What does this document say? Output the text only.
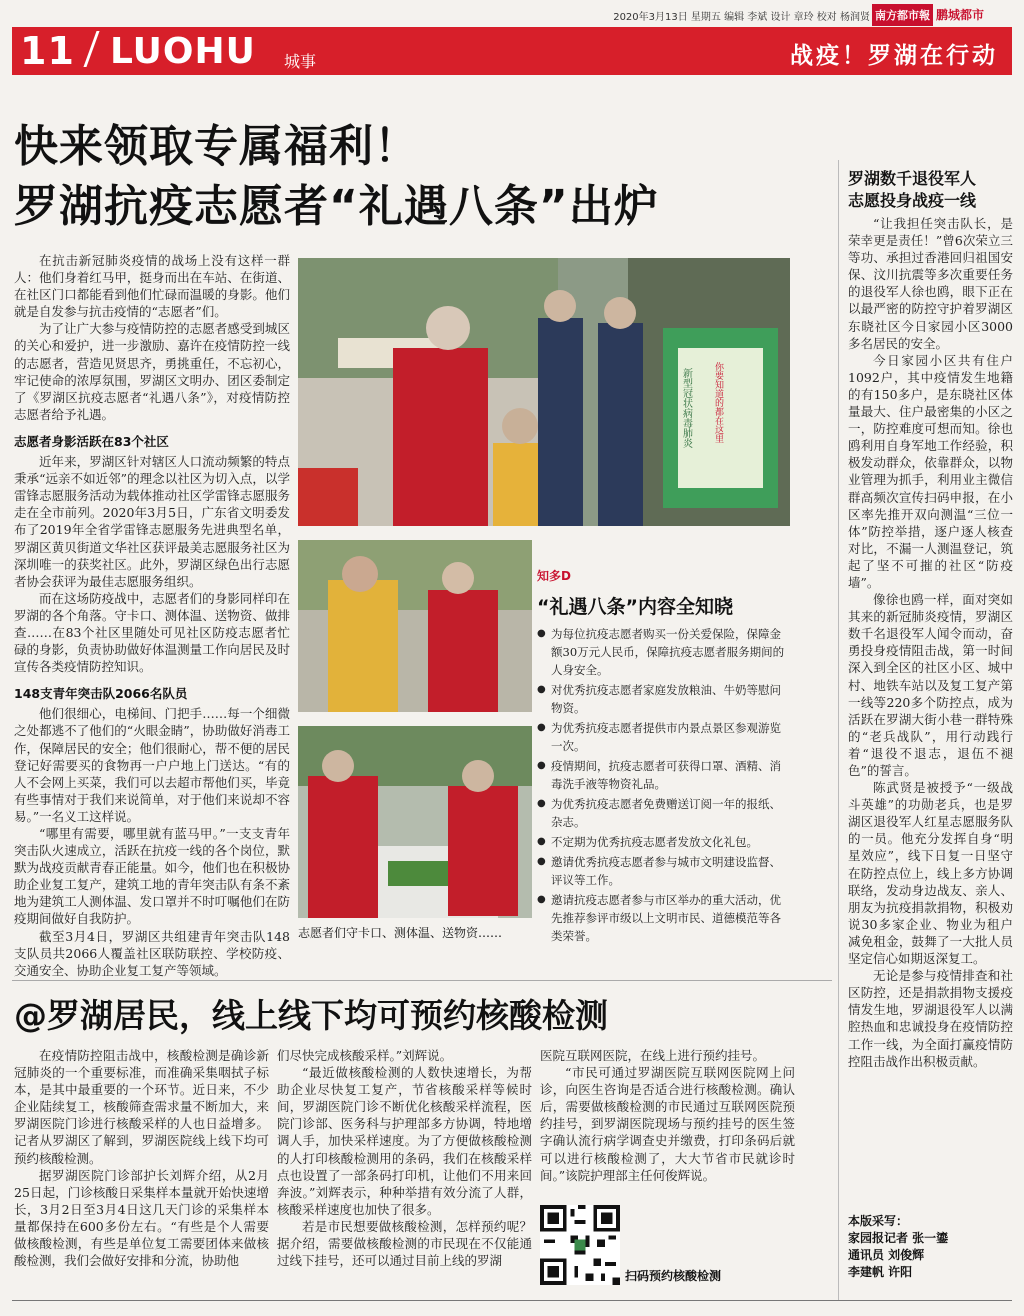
2020年3月13日 星期五 编辑 李斌 设计 章玲 校对 杨润贤 南方都市報 鹏城都市
11 LUOHU 城事	战疫！罗湖在行动
快来领取专属福利！
罗湖抗疫志愿者“礼遇八条”出炉

在抗击新冠肺炎疫情的战场上没有这样一群人：他们身着红马甲，挺身而出在车站、在街道、在社区门口都能看到他们忙碌而温暖的身影。他们就是自发参与抗击疫情的“志愿者”们。

为了让广大参与疫情防控的志愿者感受到城区的关心和爱护，进一步激励、嘉许在疫情防控一线的志愿者，营造见贤思齐，勇挑重任，不忘初心，牢记使命的浓厚氛围，罗湖区文明办、团区委制定了《罗湖区抗疫志愿者“礼遇八条”》，对疫情防控志愿者给予礼遇。

志愿者身影活跃在83个社区

近年来，罗湖区针对辖区人口流动频繁的特点秉承“远亲不如近邻”的理念以社区为切入点，以学雷锋志愿服务活动为载体推动社区学雷锋志愿服务走在全市前列。2020年3月5日，广东省文明委发布了2019年全省学雷锋志愿服务先进典型名单，罗湖区黄贝街道文华社区获评最美志愿服务社区为深圳唯一的获奖社区。此外，罗湖区绿色出行志愿者协会获评为最佳志愿服务组织。

而在这场防疫战中，志愿者们的身影同样印在罗湖的各个角落。守卡口、测体温、送物资、做排查……在83个社区里随处可见社区防疫志愿者忙碌的身影，负责协助做好体温测量工作向居民及时宣传各类疫情防控知识。

148支青年突击队2066名队员

他们很细心，电梯间、门把手……每一个细微之处都逃不了他们的“火眼金睛”，协助做好消毒工作，保障居民的安全；他们很耐心，帮不便的居民登记好需要买的食物再一户户地上门送达。“有的人不会网上买菜，我们可以去超市帮他们买，毕竟有些事情对于我们来说简单，对于他们来说却不容易。”一名义工这样说。

“哪里有需要，哪里就有蓝马甲。”一支支青年突击队火速成立，活跃在抗疫一线的各个岗位，默默为战疫贡献青春正能量。如今，他们也在积极协助企业复工复产，建筑工地的青年突击队有条不紊地为建筑工人测体温、发口罩并不时叮嘱他们在防疫期间做好自我防护。

截至3月4日，罗湖区共组建青年突击队148支队员共2066人覆盖社区联防联控、学校防疫、交通安全、协助企业复工复产等领域。

新型冠状病毒肺炎 你要知道的都在这里
志愿者们守卡口、测体温、送物资……
知多D
“礼遇八条”内容全知晓
● 为每位抗疫志愿者购买一份关爱保险，保障金额30万元人民币，保障抗疫志愿者服务期间的人身安全。
● 对优秀抗疫志愿者家庭发放粮油、牛奶等慰问物资。
● 为优秀抗疫志愿者提供市内景点景区参观游览一次。
● 疫情期间，抗疫志愿者可获得口罩、酒精、消毒洗手液等物资礼品。
● 为优秀抗疫志愿者免费赠送订阅一年的报纸、杂志。
● 不定期为优秀抗疫志愿者发放文化礼包。
● 邀请优秀抗疫志愿者参与城市文明建设监督、评议等工作。
● 邀请抗疫志愿者参与市区举办的重大活动，优先推荐参评市级以上文明市民、道德模范等各类荣誉。
罗湖数千退役军人
志愿投身战疫一线

“让我担任突击队长，是荣幸更是责任！”曾6次荣立三等功、承担过香港回归祖国安保、汶川抗震等多次重要任务的退役军人徐也鸥，眼下正在以最严密的防控守护着罗湖区东晓社区今日家园小区3000多名居民的安全。

今日家园小区共有住户1092户，其中疫情发生地籍的有150多户，是东晓社区体量最大、住户最密集的小区之一，防控难度可想而知。徐也鸥利用自身军地工作经验，积极发动群众，依靠群众，以物业管理为抓手，利用业主微信群高频次宣传扫码申报，在小区率先推开双向测温“三位一体”防控举措，逐户逐人核查对比，不漏一人测温登记，筑起了坚不可摧的社区“防疫墙”。

像徐也鸥一样，面对突如其来的新冠肺炎疫情，罗湖区数千名退役军人闻令而动，奋勇投身疫情阻击战，第一时间深入到全区的社区小区、城中村、地铁车站以及复工复产第一线等220多个防控点，成为活跃在罗湖大街小巷一群特殊的“老兵战队”，用行动践行着“退役不退志，退伍不褪色”的誓言。

陈武贤是被授予“一级战斗英雄”的功勋老兵，也是罗湖区退役军人红星志愿服务队的一员。他充分发挥自身“明星效应”，线下日复一日坚守在防控点位上，线上多方协调联络，发动身边战友、亲人、朋友为抗疫捐款捐物，积极劝说30多家企业、物业为租户减免租金，鼓舞了一大批人员坚定信心如期返深复工。

无论是参与疫情排查和社区防控，还是捐款捐物支援疫情发生地，罗湖退役军人以满腔热血和忠诚投身在疫情防控工作一线，为全面打赢疫情防控阻击战作出积极贡献。

本版采写：
家园报记者 张一鎏
通讯员 刘俊辉
李建帆 许阳
@罗湖居民，线上线下均可预约核酸检测

在疫情防控阻击战中，核酸检测是确诊新冠肺炎的一个重要标准，而准确采集咽拭子标本，是其中最重要的一个环节。近日来，不少企业陆续复工，核酸筛查需求量不断加大，来罗湖医院门诊进行核酸采样的人也日益增多。记者从罗湖区了解到，罗湖医院线上线下均可预约核酸检测。

据罗湖医院门诊部护长刘辉介绍，从2月25日起，门诊核酸日采集样本量就开始快速增长，3月2日至3月4日这几天门诊的采集样本量都保持在600多份左右。“有些是个人需要做核酸检测，有些是单位复工需要团体来做核酸检测，我们会做好安排和分流，协助他

们尽快完成核酸采样。”刘辉说。

“最近做核酸检测的人数快速增长，为帮助企业尽快复工复产，节省核酸采样等候时间，罗湖医院门诊不断优化核酸采样流程，医院门诊部、医务科与护理部多方协调，特地增调人手，加快采样速度。为了方便做核酸检测的人打印核酸检测用的条码，我们在核酸采样点也设置了一部条码打印机，让他们不用来回奔波。”刘辉表示，种种举措有效分流了人群，核酸采样速度也加快了很多。

若是市民想要做核酸检测，怎样预约呢？据介绍，需要做核酸检测的市民现在不仅能通过线下挂号，还可以通过目前上线的罗湖

医院互联网医院，在线上进行预约挂号。

“市民可通过罗湖医院互联网医院网上问诊，向医生咨询是否适合进行核酸检测。确认后，需要做核酸检测的市民通过互联网医院预约挂号，到罗湖医院现场与预约挂号的医生签字确认流行病学调查史并缴费，打印条码后就可以进行核酸检测了，大大节省市民就诊时间。”该院护理部主任何俊辉说。

扫码预约核酸检测
